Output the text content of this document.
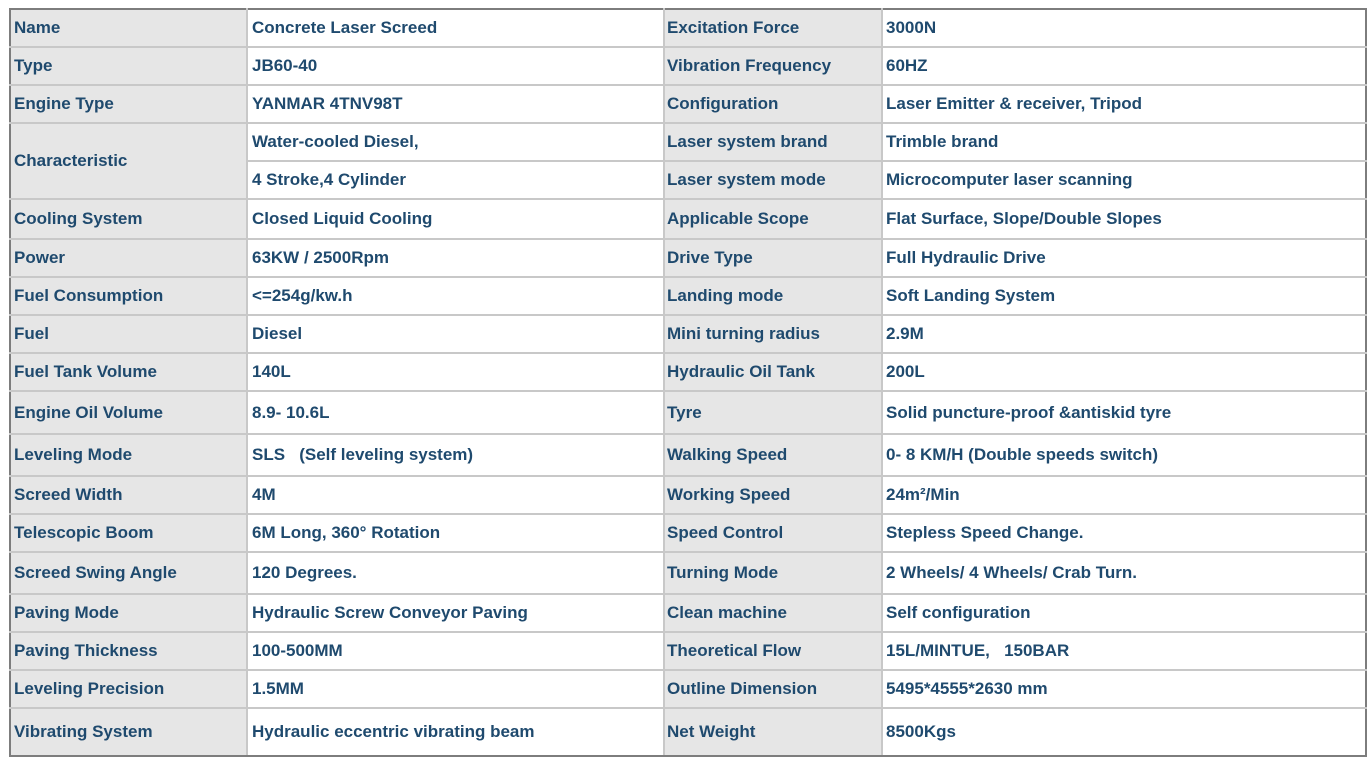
Name	Concrete Laser Screed	Excitation Force	3000N
Type	JB60-40	Vibration Frequency	60HZ
Engine Type	YANMAR 4TNV98T	Configuration	Laser Emitter & receiver, Tripod
Characteristic	Water-cooled Diesel,	Laser system brand	Trimble brand
	4 Stroke,4 Cylinder	Laser system mode	Microcomputer laser scanning
Cooling System	Closed Liquid Cooling	Applicable Scope	Flat Surface, Slope/Double Slopes
Power	63KW / 2500Rpm	Drive Type	Full Hydraulic Drive
Fuel Consumption	<=254g/kw.h	Landing mode	Soft Landing System
Fuel	Diesel	Mini turning radius	2.9M
Fuel Tank Volume	140L	Hydraulic Oil Tank	200L
Engine Oil Volume	8.9- 10.6L	Tyre	Solid puncture-proof &antiskid tyre
Leveling Mode	SLS   (Self leveling system)	Walking Speed	0- 8 KM/H (Double speeds switch)
Screed Width	4M	Working Speed	24m²/Min
Telescopic Boom	6M Long, 360° Rotation	Speed Control	Stepless Speed Change.
Screed Swing Angle	120 Degrees.	Turning Mode	2 Wheels/ 4 Wheels/ Crab Turn.
Paving Mode	Hydraulic Screw Conveyor Paving	Clean machine	Self configuration
Paving Thickness	100-500MM	Theoretical Flow	15L/MINTUE,   150BAR
Leveling Precision	1.5MM	Outline Dimension	5495*4555*2630 mm
Vibrating System	Hydraulic eccentric vibrating beam	Net Weight	8500Kgs
